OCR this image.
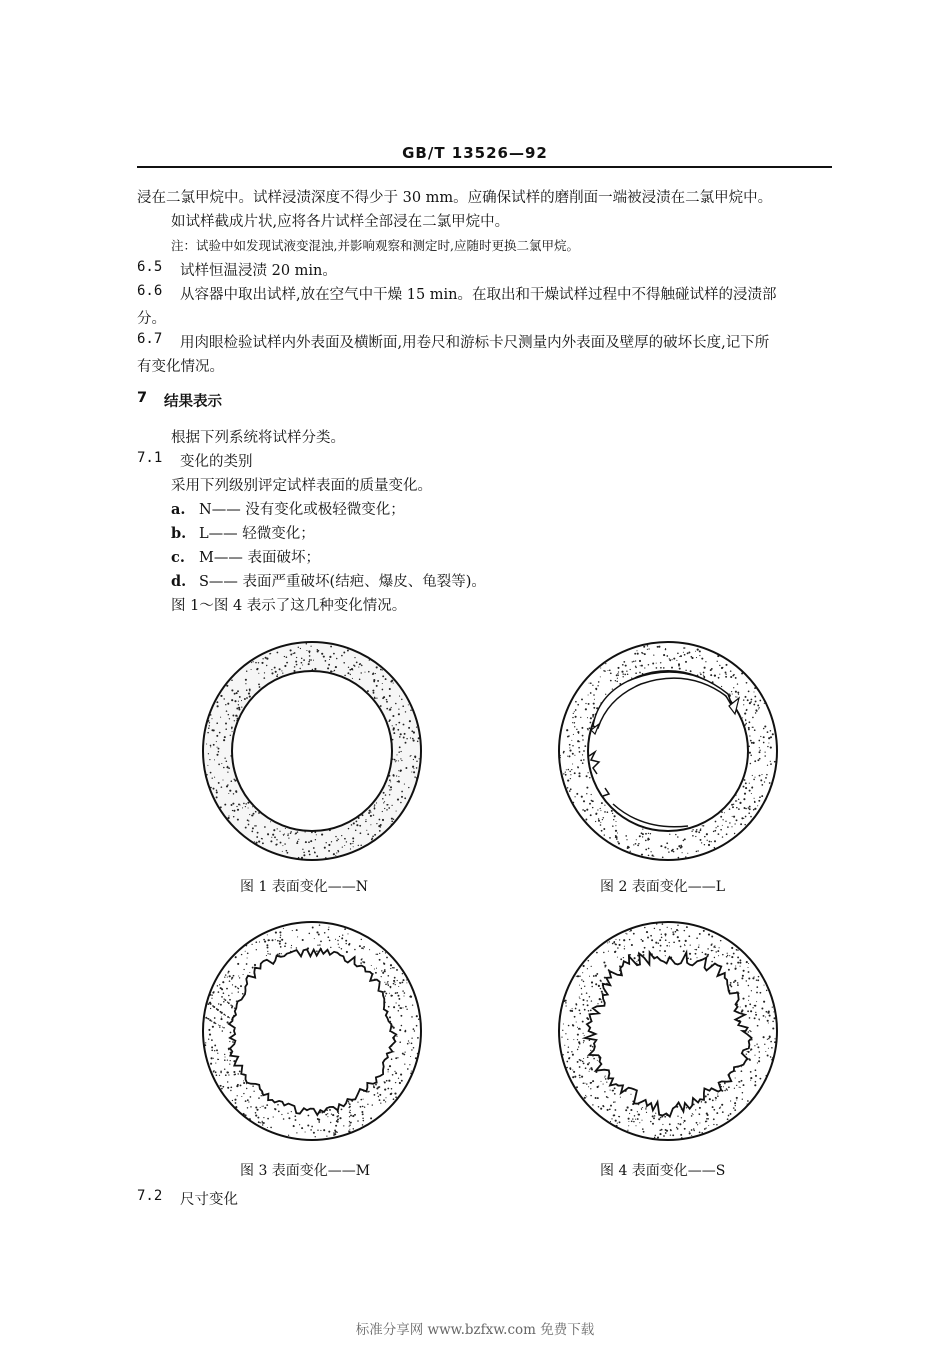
GB/T 13526—92
浸在二氯甲烷中。试样浸渍深度不得少于 30 mm。应确保试样的磨削面一端被浸渍在二氯甲烷中。
如试样截成片状,应将各片试样全部浸在二氯甲烷中。
注：试验中如发现试液变混浊,并影响观察和测定时,应随时更换二氯甲烷。
6.5 试样恒温浸渍 20 min。
6.6 从容器中取出试样,放在空气中干燥 15 min。在取出和干燥试样过程中不得触碰试样的浸渍部
分。
6.7 用肉眼检验试样内外表面及横断面,用卷尺和游标卡尺测量内外表面及壁厚的破坏长度,记下所
有变化情况。
7 结果表示
根据下列系统将试样分类。
7.1 变化的类别
采用下列级别评定试样表面的质量变化。
a. N—— 没有变化或极轻微变化；
b. L—— 轻微变化；
c. M—— 表面破坏；
d. S—— 表面严重破坏(结疤、爆皮、龟裂等)。
图 1～图 4 表示了这几种变化情况。
图 1 表面变化——N	图 2 表面变化——L
图 3 表面变化——M	图 4 表面变化——S
7.2 尺寸变化
标准分享网 www.bzfxw.com 免费下载
